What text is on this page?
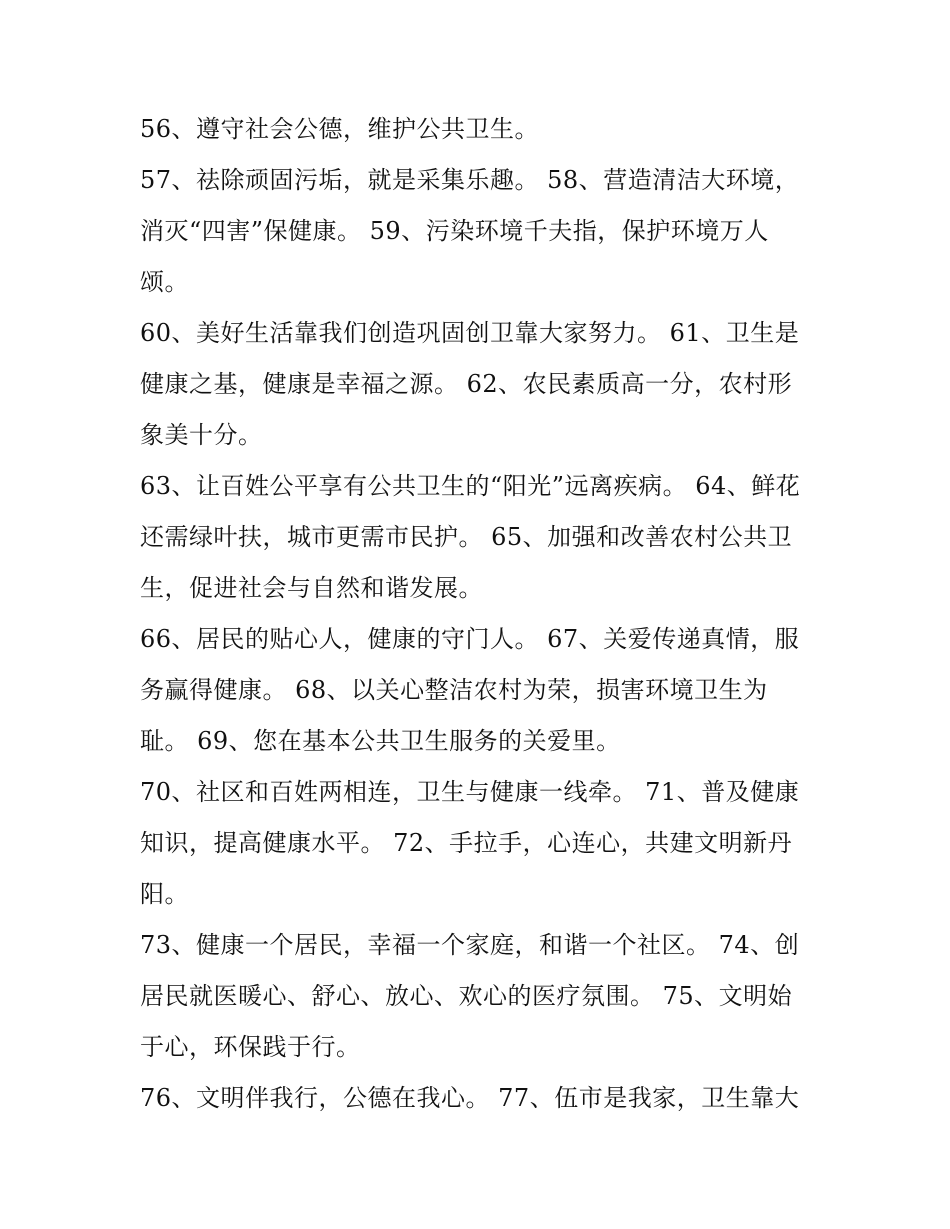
56、遵守社会公德，维护公共卫生。
57、祛除顽固污垢，就是采集乐趣。 58、营造清洁大环境，
消灭“四害”保健康。 59、污染环境千夫指，保护环境万人
颂。
60、美好生活靠我们创造巩固创卫靠大家努力。 61、卫生是
健康之基，健康是幸福之源。 62、农民素质高一分，农村形
象美十分。
63、让百姓公平享有公共卫生的“阳光”远离疾病。 64、鲜花
还需绿叶扶，城市更需市民护。 65、加强和改善农村公共卫
生，促进社会与自然和谐发展。
66、居民的贴心人，健康的守门人。 67、关爱传递真情，服
务赢得健康。 68、以关心整洁农村为荣，损害环境卫生为
耻。 69、您在基本公共卫生服务的关爱里。
70、社区和百姓两相连，卫生与健康一线牵。 71、普及健康
知识，提高健康水平。 72、手拉手，心连心，共建文明新丹
阳。
73、健康一个居民，幸福一个家庭，和谐一个社区。 74、创
居民就医暖心、舒心、放心、欢心的医疗氛围。 75、文明始
于心，环保践于行。
76、文明伴我行，公德在我心。 77、伍市是我家，卫生靠大
